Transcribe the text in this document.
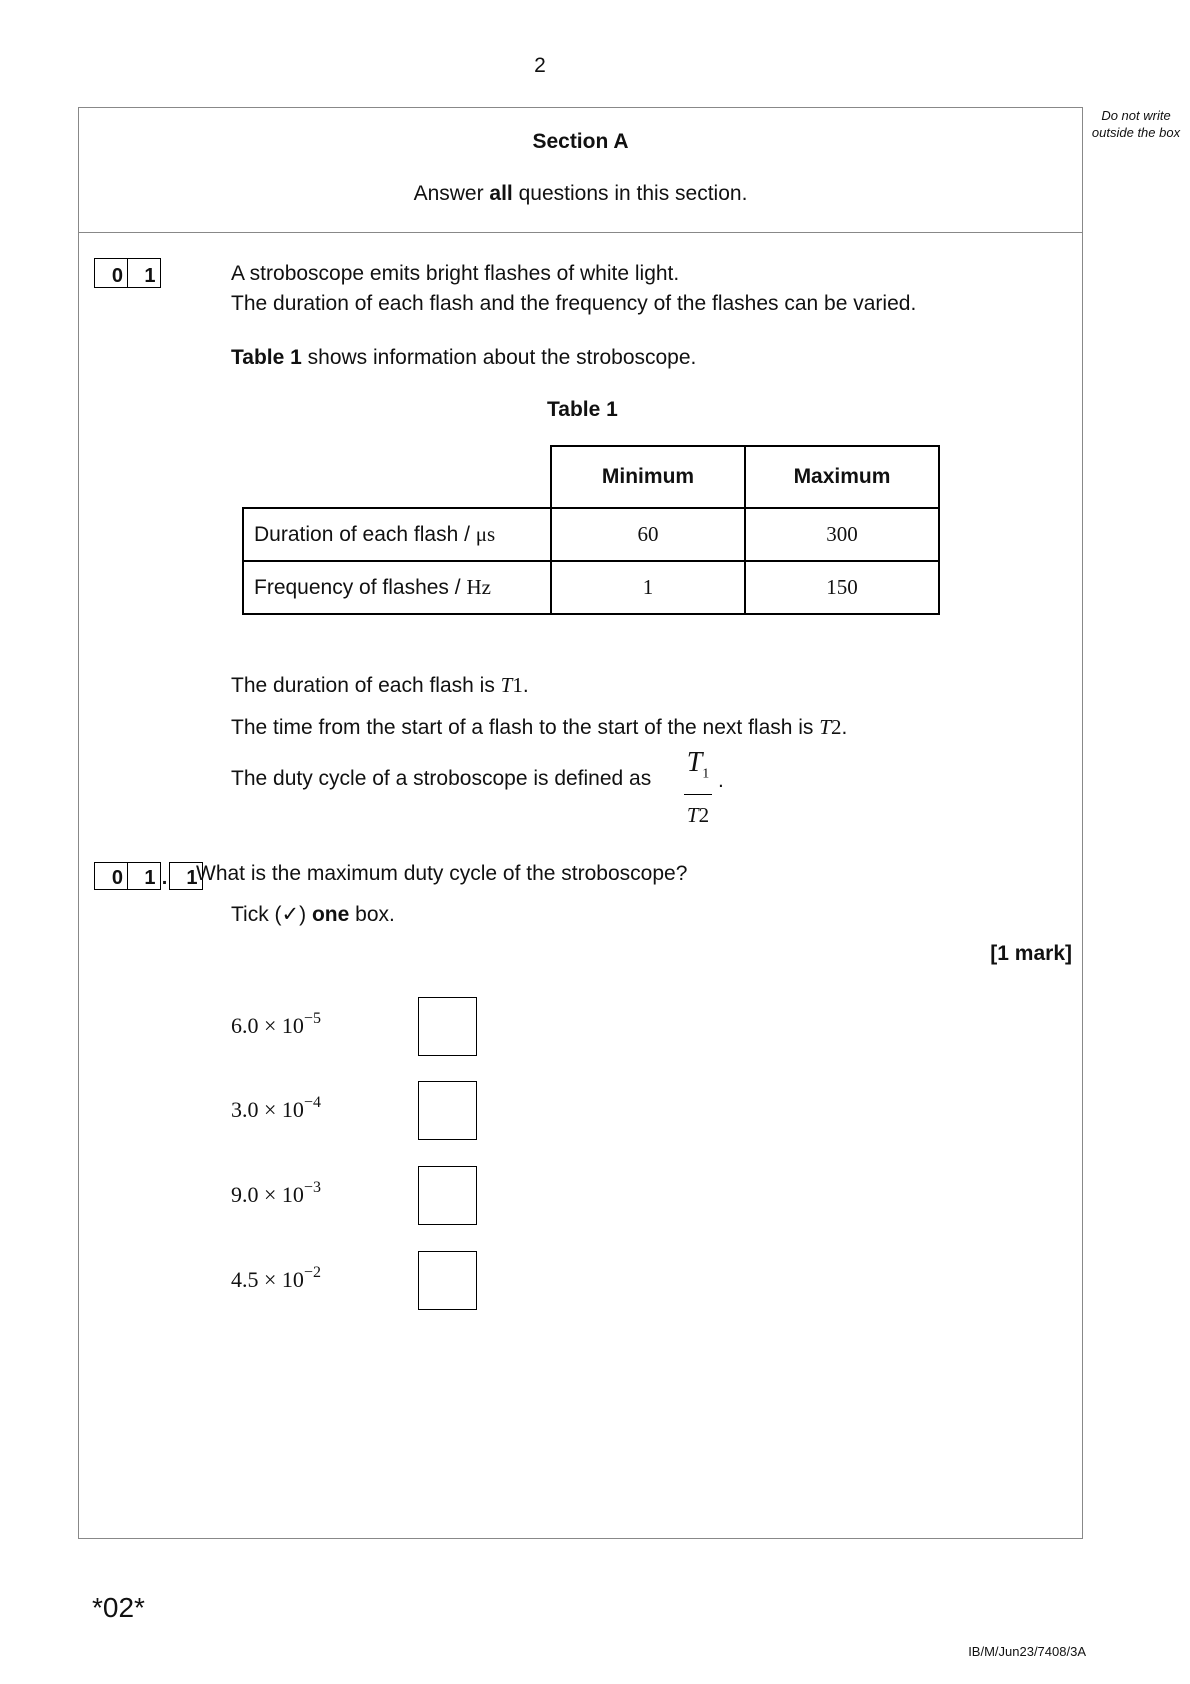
2
Do not write outside the box
Section A
Answer all questions in this section.
0	1	A stroboscope emits bright flashes of white light.
The duration of each flash and the frequency of the flashes can be varied.
Table 1 shows information about the stroboscope.
Table 1
	Minimum	Maximum
Duration of each flash / μs	60	300
Frequency of flashes / Hz	1	150
The duration of each flash is T1.
The time from the start of a flash to the start of the next flash is T2.
The duty cycle of a stroboscope is defined as
$T_1$
T2
.
0	1 . 1
What is the maximum duty cycle of the stroboscope?
Tick (✓) one box.
[1 mark]
$6.0 \times 10^{-5}$
$3.0 \times 10^{-4}$
$9.0 \times 10^{-3}$
$4.5 \times 10^{-2}$
*02*
IB/M/Jun23/7408/3A
